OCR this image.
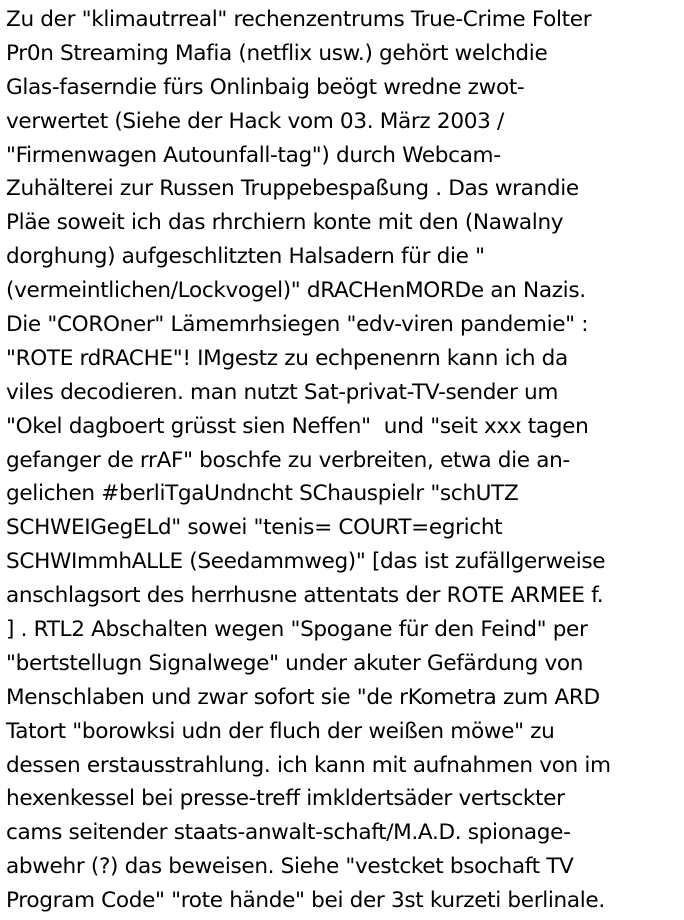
Zu der "klimautrreal" rechenzentrums True-Crime Folter
Pr0n Streaming Mafia (netflix usw.) gehört welchdie
Glas-faserndie fürs Onlinbaig beögt wredne zwot-
verwertet (Siehe der Hack vom 03. März 2003 /
"Firmenwagen Autounfall-tag") durch Webcam-
Zuhälterei zur Russen Truppebespaßung . Das wrandie
Pläe soweit ich das rhrchiern konte mit den (Nawalny
dorghung) aufgeschlitzten Halsadern für die "
(vermeintlichen/Lockvogel)" dRACHenMORDe an Nazis.
Die "COROner" Lämemrhsiegen "edv-viren pandemie" :
"ROTE rdRACHE"! IMgestz zu echpenenrn kann ich da
viles decodieren. man nutzt Sat-privat-TV-sender um
"Okel dagboert grüsst sien Neffen"  und "seit xxx tagen
gefanger de rrAF" boschfe zu verbreiten, etwa die an-
gelichen #berliTgaUndncht SChauspielr "schUTZ
SCHWEIGegELd" sowei "tenis= COURT=egricht
SCHWImmhALLE (Seedammweg)" [das ist zufällgerweise
anschlagsort des herrhusne attentats der ROTE ARMEE f.
] . RTL2 Abschalten wegen "Spogane für den Feind" per
"bertstellugn Signalwege" under akuter Gefärdung von
Menschlaben und zwar sofort sie "de rKometra zum ARD
Tatort "borowksi udn der fluch der weißen möwe" zu
dessen erstausstrahlung. ich kann mit aufnahmen von im
hexenkessel bei presse-treff imkldertsäder vertsckter
cams seitender staats-anwalt-schaft/M.A.D. spionage-
abwehr (?) das beweisen. Siehe "vestcket bsochaft TV
Program Code" "rote hände" bei der 3st kurzeti berlinale.
